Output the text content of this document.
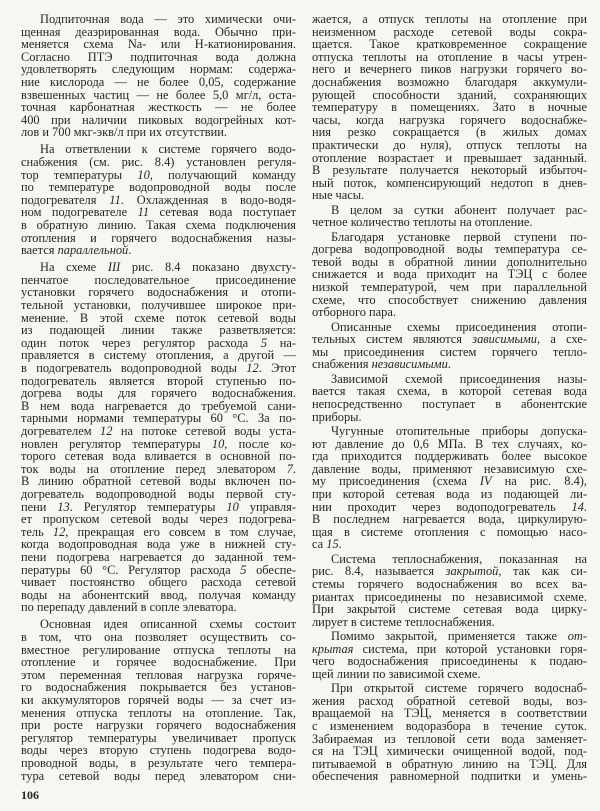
Подпиточная вода — это химически очи-
щенная деаэрированная вода. Обычно при-
меняется схема Na- или Н-катионирования.
Согласно ПТЭ подпиточная вода должна
удовлетворять следующим нормам: содержа-
ние кислорода — не более 0,05, содержание
взвешенных частиц — не более 5,0 мг/л, оста-
точная карбонатная жесткость — не более
400 при наличии пиковых водогрейных кот-
лов и 700 мкг-экв/л при их отсутствии.
На ответвлении к системе горячего водо-
снабжения (см. рис. 8.4) установлен регуля-
тор температуры 10, получающий команду
по температуре водопроводной воды после
подогревателя 11. Охлажденная в водо-водя-
ном подогревателе 11 сетевая вода поступает
в обратную линию. Такая схема подключения
отопления и горячего водоснабжения назы-
вается параллельной.
На схеме III рис. 8.4 показано двухсту-
пенчатое последовательное присоединение
установки горячего водоснабжения и отопи-
тельной установки, получившее широкое при-
менение. В этой схеме поток сетевой воды
из подающей линии также разветвляется:
один поток через регулятор расхода 5 на-
правляется в систему отопления, а другой —
в подогреватель водопроводной воды 12. Этот
подогреватель является второй ступенью по-
догрева воды для горячего водоснабжения.
В нем вода нагревается до требуемой сани-
тарными нормами температуры 60 °С. За по-
догревателем 12 на потоке сетевой воды уста-
новлен регулятор температуры 10, после ко-
торого сетевая вода вливается в основной по-
ток воды на отопление перед элеватором 7.
В линию обратной сетевой воды включен по-
догреватель водопроводной воды первой сту-
пени 13. Регулятор температуры 10 управля-
ет пропуском сетевой воды через подогрева-
тель 12, прекращая его совсем в том случае,
когда водопроводная вода уже в нижней сту-
пени подогрева нагревается до заданной тем-
пературы 60 °С. Регулятор расхода 5 обеспе-
чивает постоянство общего расхода сетевой
воды на абонентский ввод, получая команду
по перепаду давлений в сопле элеватора.
Основная идея описанной схемы состоит
в том, что она позволяет осуществить со-
вместное регулирование отпуска теплоты на
отопление и горячее водоснабжение. При
этом переменная тепловая нагрузка горяче-
го водоснабжения покрывается без установ-
ки аккумуляторов горячей воды — за счет из-
менения отпуска теплоты на отопление. Так,
при росте нагрузки горячего водоснабжения
регулятор температуры увеличивает пропуск
воды через вторую ступень подогрева водо-
проводной воды, в результате чего темпера-
тура сетевой воды перед элеватором сни-
жается, а отпуск теплоты на отопление при
неизменном расходе сетевой воды сокра-
щается. Такое кратковременное сокращение
отпуска теплоты на отопление в часы утрен-
него и вечернего пиков нагрузки горячего во-
доснабжения возможно благодаря аккумули-
рующей способности зданий, сохраняющих
температуру в помещениях. Зато в ночные
часы, когда нагрузка горячего водоснабже-
ния резко сокращается (в жилых домах
практически до нуля), отпуск теплоты на
отопление возрастает и превышает заданный.
В результате получается некоторый избыточ-
ный поток, компенсирующий недотоп в днев-
ные часы.
В целом за сутки абонент получает рас-
четное количество теплоты на отопление.
Благодаря установке первой ступени по-
догрева водопроводной воды температура се-
тевой воды в обратной линии дополнительно
снижается и вода приходит на ТЭЦ с более
низкой температурой, чем при параллельной
схеме, что способствует снижению давления
отборного пара.
Описанные схемы присоединения отопи-
тельных систем являются зависимыми, а схе-
мы присоединения систем горячего тепло-
снабжения независимыми.
Зависимой схемой присоединения назы-
вается такая схема, в которой сетевая вода
непосредственно поступает в абонентские
приборы.
Чугунные отопительные приборы допуска-
ют давление до 0,6 МПа. В тех случаях, ко-
гда приходится поддерживать более высокое
давление воды, применяют независимую схе-
му присоединения (схема IV на рис. 8.4),
при которой сетевая вода из подающей ли-
нии проходит через водоподогреватель 14.
В последнем нагревается вода, циркулирую-
щая в системе отопления с помощью насо-
са 15.
Система теплоснабжения, показанная на
рис. 8.4, называется закрытой, так как си-
стемы горячего водоснабжения во всех ва-
риантах присоединены по независимой схеме.
При закрытой системе сетевая вода цирку-
лирует в системе теплоснабжения.
Помимо закрытой, применяется также от-
крытая система, при которой установки горя-
чего водоснабжения присоединены к подаю-
щей линии по зависимой схеме.
При открытой системе горячего водоснаб-
жения расход обратной сетевой воды, воз-
вращаемой на ТЭЦ, меняется в соответствии
с изменением водоразбора в течение суток.
Забираемая из тепловой сети вода заменяет-
ся на ТЭЦ химически очищенной водой, под-
питываемой в обратную линию на ТЭЦ. Для
обеспечения равномерной подпитки и умень-
106
